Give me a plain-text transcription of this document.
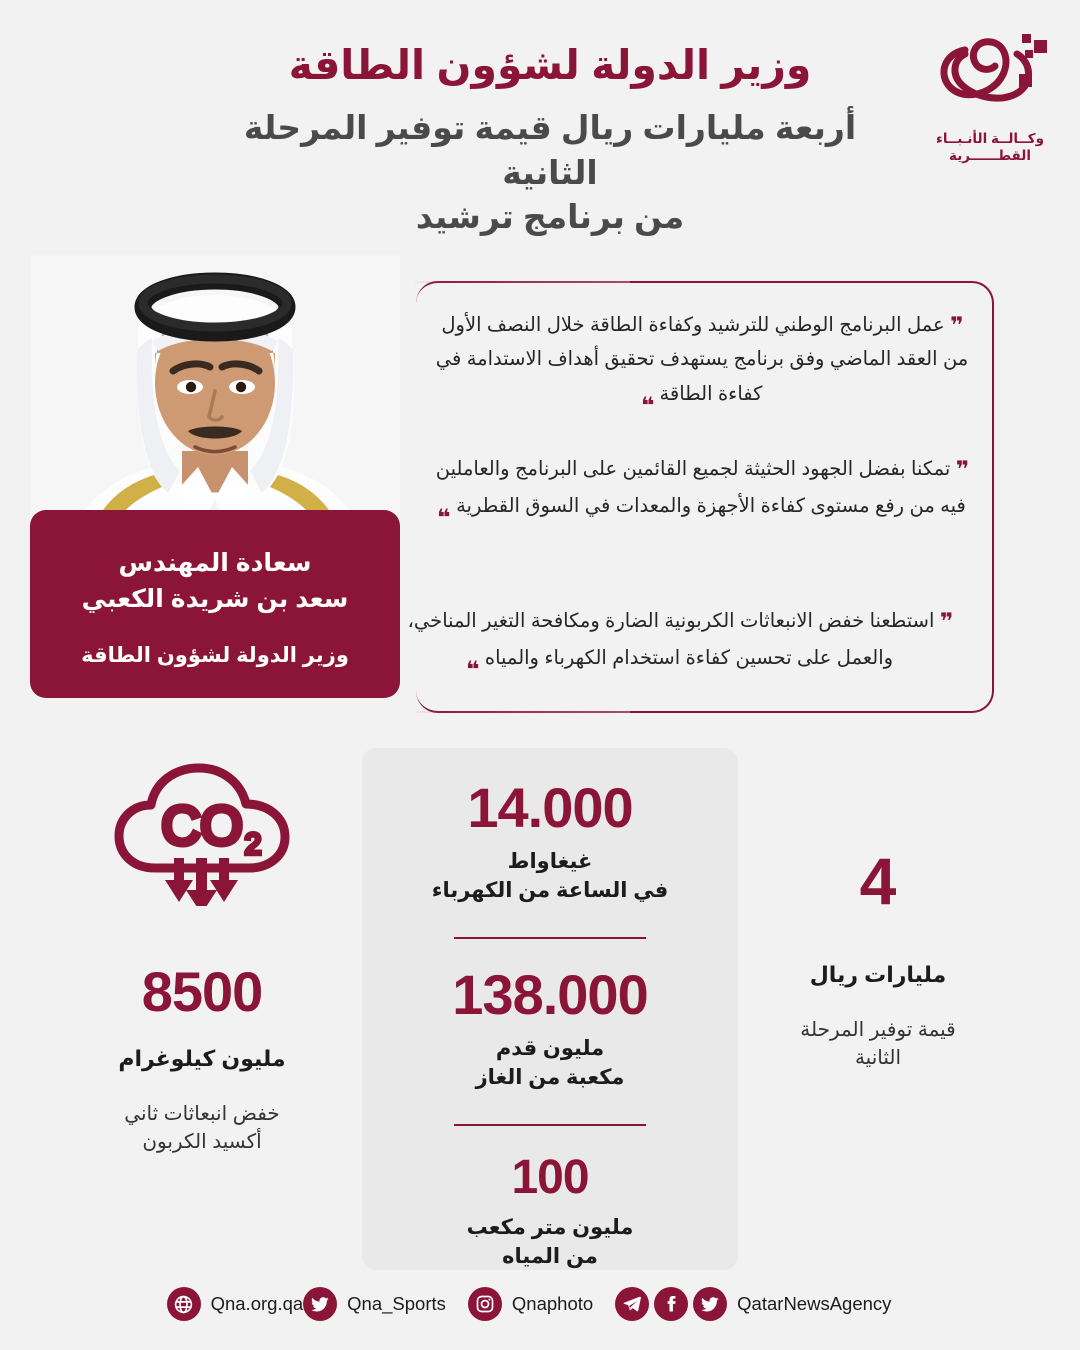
وكــالــة الأنـبــاء
القطــــــرية
وزير الدولة لشؤون الطاقة

أربعة مليارات ريال قيمة توفير المرحلة الثانية
من برنامج ترشيد

❞ عمل البرنامج الوطني للترشيد وكفاءة الطاقة خلال النصف الأول من العقد الماضي وفق برنامج يستهدف تحقيق أهداف الاستدامة في كفاءة الطاقة ❞
❞ تمكنا بفضل الجهود الحثيثة لجميع القائمين على البرنامج والعاملين فيه من رفع مستوى كفاءة الأجهزة والمعدات في السوق القطرية ❞
❞ استطعنا خفض الانبعاثات الكربونية الضارة ومكافحة التغير المناخي، والعمل على تحسين كفاءة استخدام الكهرباء والمياه ❞
سعادة المهندس
سعد بن شريدة الكعبي
وزير الدولة لشؤون الطاقة
CO 2
8500
مليون كيلوغرام
خفض انبعاثات ثاني
أكسيد الكربون
14.000
غيغاواط
في الساعة من الكهرباء
138.000
مليون قدم
مكعبة من الغاز
100
مليون متر مكعب
من المياه
4
مليارات ريال
قيمة توفير المرحلة
الثانية
QatarNewsAgency
Qnaphoto
Qna_Sports
Qna.org.qa
